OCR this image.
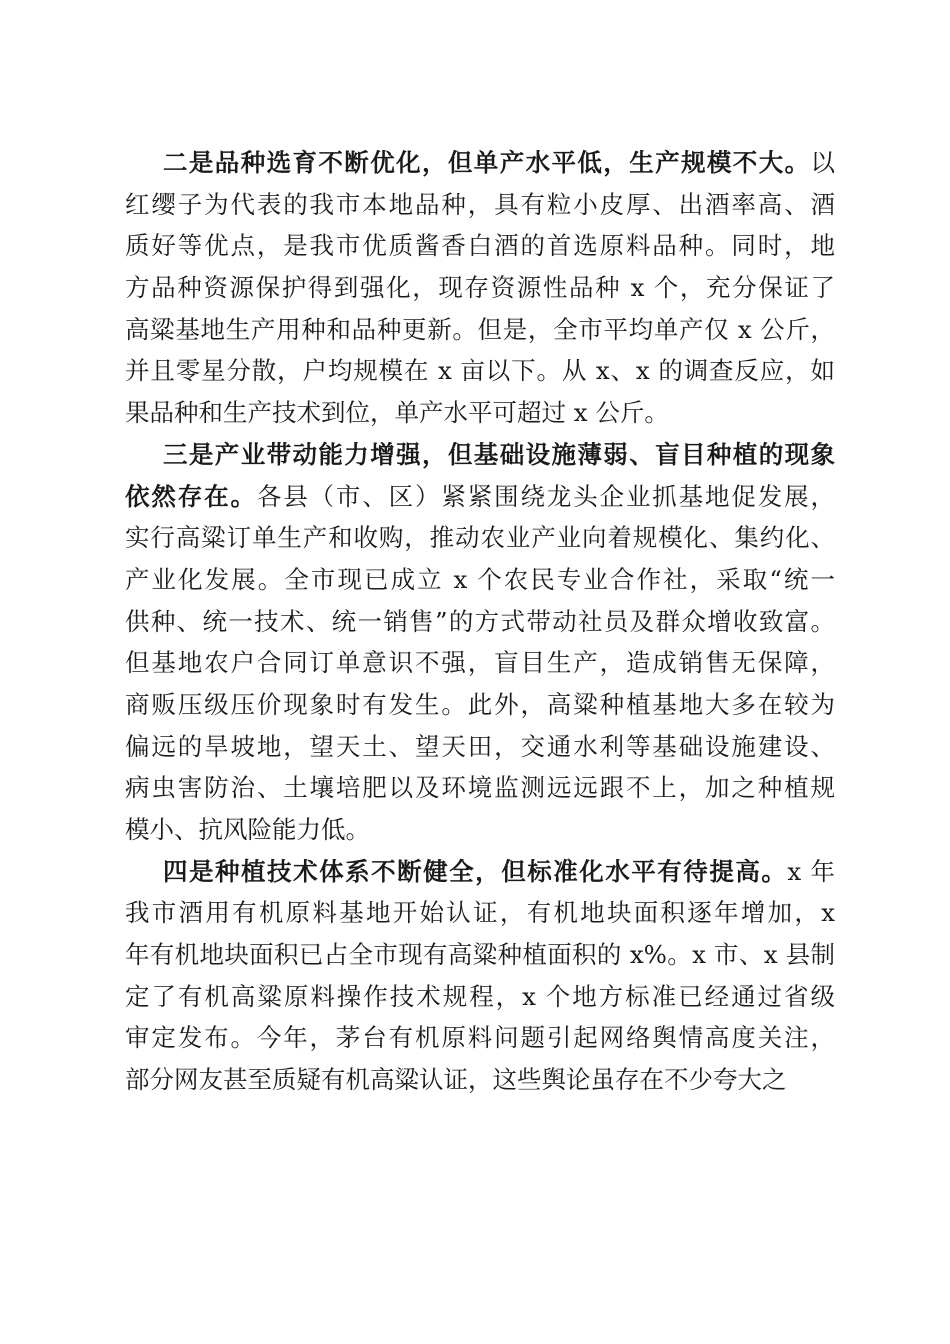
二是品种选育不断优化，但单产水平低，生产规模不大。以
红缨子为代表的我市本地品种，具有粒小皮厚、出酒率高、酒
质好等优点，是我市优质酱香白酒的首选原料品种。同时，地
方品种资源保护得到强化，现存资源性品种 x 个，充分保证了
高粱基地生产用种和品种更新。但是，全市平均单产仅 x 公斤，
并且零星分散，户均规模在 x 亩以下。从 x、x 的调查反应，如
果品种和生产技术到位，单产水平可超过 x 公斤。
三是产业带动能力增强，但基础设施薄弱、盲目种植的现象
依然存在。各县（市、区）紧紧围绕龙头企业抓基地促发展，
实行高粱订单生产和收购，推动农业产业向着规模化、集约化、
产业化发展。全市现已成立 x 个农民专业合作社，采取“统一
供种、统一技术、统一销售”的方式带动社员及群众增收致富。
但基地农户合同订单意识不强，盲目生产，造成销售无保障，
商贩压级压价现象时有发生。此外，高粱种植基地大多在较为
偏远的旱坡地，望天土、望天田，交通水利等基础设施建设、
病虫害防治、土壤培肥以及环境监测远远跟不上，加之种植规
模小、抗风险能力低。
四是种植技术体系不断健全，但标准化水平有待提高。x 年
我市酒用有机原料基地开始认证，有机地块面积逐年增加，x
年有机地块面积已占全市现有高粱种植面积的 x%。x 市、x 县制
定了有机高粱原料操作技术规程，x 个地方标准已经通过省级
审定发布。今年，茅台有机原料问题引起网络舆情高度关注，
部分网友甚至质疑有机高粱认证，这些舆论虽存在不少夸大之
